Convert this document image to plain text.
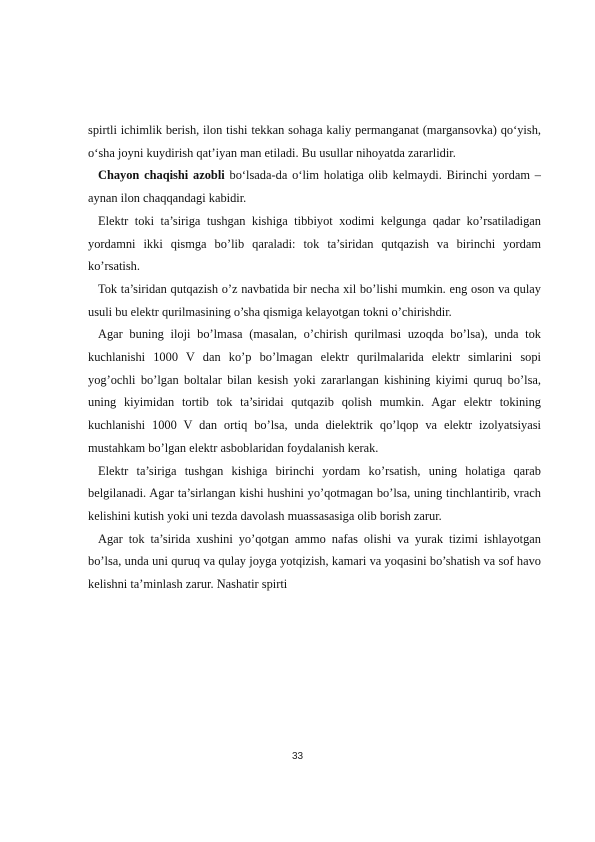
spirtli ichimlik berish, ilon tishi tekkan sohaga kaliy permanganat (margansovka) qo‘yish, o‘sha joyni kuydirish qat’iyan man etiladi. Bu usullar nihoyatda zararlidir.

Chayon chaqishi azobli bo‘lsada-da o‘lim holatiga olib kelmaydi. Birinchi yordam – aynan ilon chaqqandagi kabidir.

Elektr toki ta’siriga tushgan kishiga tibbiyot xodimi kelgunga qadar ko’rsatiladigan yordamni ikki qismga bo’lib qaraladi: tok ta’siridan qutqazish va birinchi yordam ko’rsatish.

Tok ta’siridan qutqazish o’z navbatida bir necha xil bo’lishi mumkin. eng oson va qulay usuli bu elektr qurilmasining o’sha qismiga kelayotgan tokni o’chirishdir.

Agar buning iloji bo’lmasa (masalan, o’chirish qurilmasi uzoqda bo’lsa), unda tok kuchlanishi 1000 V dan ko’p bo’lmagan elektr qurilmalarida elektr simlarini sopi yog’ochli bo’lgan boltalar bilan kesish yoki zararlangan kishining kiyimi quruq bo’lsa, uning kiyimidan tortib tok ta’siridai qutqazib qolish mumkin. Agar elektr tokining kuchlanishi 1000 V dan ortiq bo’lsa, unda dielektrik qo’lqop va elektr izolyatsiyasi mustahkam bo’lgan elektr asboblaridan foydalanish kerak.

Elektr ta’siriga tushgan kishiga birinchi yordam ko’rsatish, uning holatiga qarab belgilanadi. Agar ta’sirlangan kishi hushini yo’qotmagan bo’lsa, uning tinchlantirib, vrach kelishini kutish yoki uni tezda davolash muassasasiga olib borish zarur.

Agar tok ta’sirida xushini yo’qotgan ammo nafas olishi va yurak tizimi ishlayotgan bo’lsa, unda uni quruq va qulay joyga yotqizish, kamari va yoqasini bo’shatish va sof havo kelishni ta’minlash zarur. Nashatir spirti

33
